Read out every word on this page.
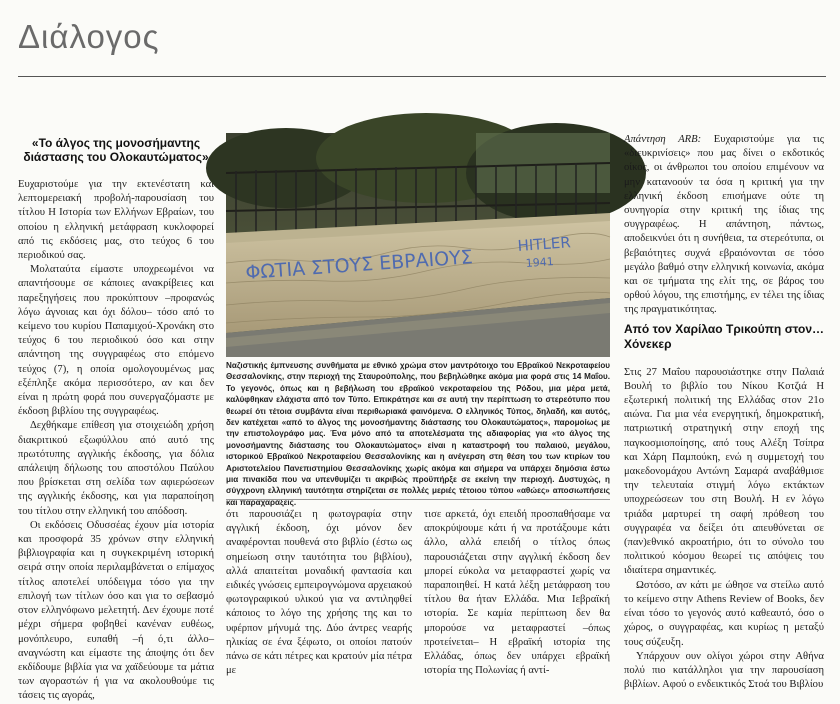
Διάλογος
«Το άλγος της μονοσήμαντης διάστασης του Ολοκαυτώματος»

Ευχαριστούμε για την εκτενέστατη και λεπτομερειακή προβολή-παρουσίαση του τίτλου Η Ιστορία των Ελλήνων Εβραίων, του οποίου η ελληνική μετάφραση κυκλοφορεί από τις εκδόσεις μας, στο τεύχος 6 του περιοδικού σας.

Μολαταύτα είμαστε υποχρεωμένοι να απαντήσουμε σε κάποιες ανακρίβειες και παρεξηγήσεις που προκύπτουν –προφανώς λόγω άγνοιας και όχι δόλου– τόσο από το κείμενο του κυρίου Παπαμιχού-Χρονάκη στο τεύχος 6 του περιοδικού όσο και στην απάντηση της συγγραφέως στο επόμενο τεύχος (7), η οποία ομολογουμένως μας εξέπληξε ακόμα περισσότερο, αν και δεν είναι η πρώτη φορά που συνεργαζόμαστε με έκδοση βιβλίου της συγγραφέως.

Δεχθήκαμε επίθεση για στοιχειώδη χρήση διακριτικού εξωφύλλου από αυτό της πρωτότυπης αγγλικής έκδοσης, για δόλια απάλειψη δήλωσης του αποστόλου Παύλου που βρίσκεται στη σελίδα των αφιερώσεων της αγγλικής έκδοσης, και για παραποίηση του τίτλου στην ελληνική του απόδοση.

Οι εκδόσεις Οδυσσέας έχουν μία ιστορία και προσφορά 35 χρόνων στην ελληνική βιβλιογραφία και η συγκεκριμένη ιστορική σειρά στην οποία περιλαμβάνεται ο επίμαχος τίτλος αποτελεί υπόδειγμα τόσο για την επιλογή των τίτλων όσο και για το σεβασμό στον ελληνόφωνο μελετητή. Δεν έχουμε ποτέ μέχρι σήμερα φοβηθεί κανέναν ευθέως, μονόπλευρο, ευπαθή –ή ό,τι άλλο– αναγνώστη και είμαστε της άποψης ότι δεν εκδίδουμε βιβλία για να χαϊδεύουμε τα μάτια των αγοραστών ή για να ακολουθούμε τις τάσεις τις αγοράς,

ΦΩΤΙΑ ΣΤΟΥΣ ΕΒΡΑΙΟΥΣ
HITLER
1941
Ναζιστικής έμπνευσης συνθήματα με εθνικό χρώμα στον μαντρότοιχο του Εβραϊκού Νεκροταφείου Θεσσαλονίκης, στην περιοχή της Σταυρούπολης, που βεβηλώθηκε ακόμα μια φορά στις 14 Μαΐου. Το γεγονός, όπως και η βεβήλωση του εβραϊκού νεκροταφείου της Ρόδου, μια μέρα μετά, καλύφθηκαν ελάχιστα από τον Τύπο. Επικράτησε και σε αυτή την περίπτωση το στερεότυπο που θεωρεί ότι τέτοια συμβάντα είναι περιθωριακά φαινόμενα. Ο ελληνικός Τύπος, δηλαδή, και αυτός, δεν κατέχεται «από το άλγος της μονοσήμαντης διάστασης του Ολοκαυτώματος», παρομοίως με την επιστολογράφο μας. Ένα μόνο από τα αποτελέσματα της αδιαφορίας για «το άλγος της μονοσήμαντης διάστασης του Ολοκαυτώματος» είναι η καταστροφή του παλαιού, μεγάλου, ιστορικού Εβραϊκού Νεκροταφείου Θεσσαλονίκης και η ανέγερση στη θέση του των κτιρίων του Αριστοτελείου Πανεπιστημίου Θεσσαλονίκης χωρίς ακόμα και σήμερα να υπάρχει δημόσια έστω μια πινακίδα που να υπενθυμίζει τι ακριβώς προϋπήρξε σε εκείνη την περιοχή. Δυστυχώς, η σύγχρονη ελληνική ταυτότητα στηρίζεται σε πολλές μεριές τέτοιου τύπου «αθώες» αποσιωπήσεις και παραχαράξεις.

ότι παρουσιάζει η φωτογραφία στην αγγλική έκδοση, όχι μόνον δεν αναφέρονται πουθενά στο βιβλίο (έστω ως σημείωση στην ταυτότητα του βιβλίου), αλλά απαιτείται μοναδική φαντασία και ειδικές γνώσεις εμπειρογνώμονα αρχειακού φωτογραφικού υλικού για να αντιληφθεί κάποιος το λόγο της χρήσης της και το υφέρπον μήνυμά της. Δύο άντρες νεαρής ηλικίας σε ένα ξέφωτο, οι οποίοι πατούν πάνω σε κάτι πέτρες και κρατούν μία πέτρα με

τισε αρκετά, όχι επειδή προσπαθήσαμε να αποκρύψουμε κάτι ή να προτάξουμε κάτι άλλο, αλλά επειδή ο τίτλος όπως παρουσιάζεται στην αγγλική έκδοση δεν μπορεί εύκολα να μεταφραστεί χωρίς να παραποιηθεί. Η κατά λέξη μετάφραση του τίτλου θα ήταν Ελλάδα. Μια Ιεβραϊκή ιστορία. Σε καμία περίπτωση δεν θα μπορούσε να μεταφραστεί –όπως προτείνεται– Η εβραϊκή ιστορία της Ελλάδας, όπως δεν υπάρχει εβραϊκή ιστορία της Πολωνίας ή αντί-

Απάντηση ARB: Ευχαριστούμε για τις «διευκρινίσεις» που μας δίνει ο εκδοτικός οίκος, οι άνθρωποι του οποίου επιμένουν να μην κατανοούν τα όσα η κριτική για την ελληνική έκδοση επισήμανε ούτε τη συνηγορία στην κριτική της ίδιας της συγγραφέως. Η απάντηση, πάντως, αποδεικνύει ότι η συνήθεια, τα στερεότυπα, οι βεβαιότητες συχνά εβραιόνονται σε τόσο μεγάλο βαθμό στην ελληνική κοινωνία, ακόμα και σε τμήματα της ελίτ της, σε βάρος του ορθού λόγου, της επιστήμης, εν τέλει της ίδιας της πραγματικότητας.

Από τον Χαρίλαο Τρικούπη στον… Χόνεκερ

Στις 27 Μαΐου παρουσιάστηκε στην Παλαιά Βουλή το βιβλίο του Νίκου Κοτζιά Η εξωτερική πολιτική της Ελλάδας στον 21ο αιώνα. Για μια νέα ενεργητική, δημοκρατική, πατριωτική στρατηγική στην εποχή της παγκοσμιοποίησης, από τους Αλέξη Τσίπρα και Χάρη Παμπούκη, ενώ η συμμετοχή του μακεδονομάχου Αντώνη Σαμαρά αναβάθμισε την τελευταία στιγμή λόγω εκτάκτων υποχρεώσεων του στη Βουλή. Η εν λόγω τριάδα μαρτυρεί τη σαφή πρόθεση του συγγραφέα να δείξει ότι απευθύνεται σε (παν)εθνικό ακροατήριο, ότι το σύνολο του πολιτικού κόσμου θεωρεί τις απόψεις του ιδιαίτερα σημαντικές.

Ωστόσο, αν κάτι με ώθησε να στείλω αυτό το κείμενο στην Athens Review of Books, δεν είναι τόσο το γεγονός αυτό καθεαυτό, όσο ο χώρος, ο συγγραφέας, και κυρίως η μεταξύ τους σύζευξη.

Υπάρχουν ουν ολίγοι χώροι στην Αθήνα πολύ πιο κατάλληλοι για την παρουσίαση βιβλίων. Αφού ο ενδεικτικός Στοά του Βιβλίου
